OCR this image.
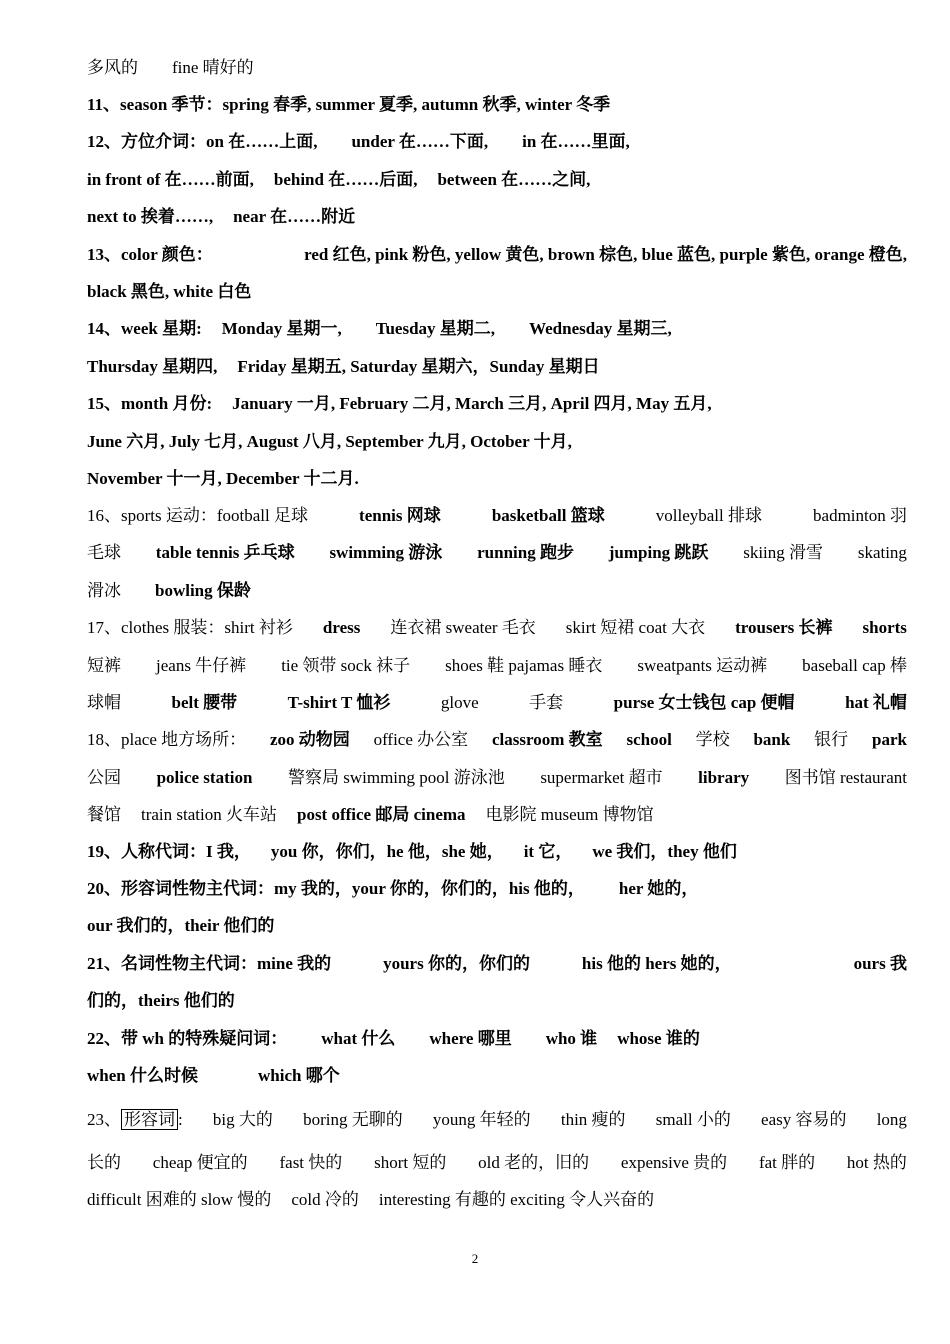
多风的 fine 晴好的
11、season 季节：spring 春季, summer 夏季, autumn 秋季, winter 冬季
12、方位介词：on 在……上面, under 在……下面, in 在……里面,
in front of 在……前面, behind 在……后面, between 在……之间,
next to 挨着……, near 在……附近
13、color 颜色：	red 红色, pink 粉色, yellow 黄色, brown 棕色, blue 蓝色, purple 紫色, orange 橙色,
black 黑色, white 白色
14、week 星期: Monday 星期一, Tuesday 星期二, Wednesday 星期三,
Thursday 星期四, Friday 星期五, Saturday 星期六，Sunday 星期日
15、month 月份: January 一月, February 二月, March 三月, April 四月, May 五月,
June 六月, July 七月, August 八月, September 九月, October 十月,
November 十一月, December 十二月.
16、sports 运动：football 足球	tennis 网球	basketball 篮球	volleyball 排球	badminton 羽
毛球 table tennis 乒乓球 swimming 游泳 running 跑步 jumping 跳跃 skiing 滑雪 skating
滑冰 bowling 保龄
17、clothes 服装：shirt 衬衫 dress 连衣裙 sweater 毛衣 skirt 短裙 coat 大衣 trousers 长裤 shorts
短裤 jeans 牛仔裤 tie 领带 sock 袜子 shoes 鞋 pajamas 睡衣 sweatpants 运动裤 baseball cap 棒
球帽	belt 腰带	T-shirt T 恤衫	glove	手套	purse 女士钱包 cap 便帽	hat 礼帽
18、place 地方场所： zoo 动物园 office 办公室 classroom 教室 school 学校 bank 银行 park
公园 police station 警察局 swimming pool 游泳池 supermarket 超市 library 图书馆 restaurant
餐馆 train station 火车站 post office 邮局 cinema 电影院 museum 博物馆
19、人称代词：I 我， you 你，你们，he 他，she 她， it 它， we 我们，they 他们
20、形容词性物主代词：my 我的，your 你的，你们的，his 他的， her 她的，
our 我们的，their 他们的
21、名词性物主代词：mine 我的	yours 你的，你们的	his 他的 hers 她的，	ours 我
们的，theirs 他们的
22、带 wh 的特殊疑问词： what 什么 where 哪里 who 谁 whose 谁的
when 什么时候	which 哪个
23、 形容词 : big 大的 boring 无聊的 young 年轻的 thin 瘦的 small 小的 easy 容易的 long
长的 cheap 便宜的 fast 快的 short 短的 old 老的，旧的 expensive 贵的 fat 胖的 hot 热的
difficult 困难的 slow 慢的 cold 冷的 interesting 有趣的 exciting 令人兴奋的
2
